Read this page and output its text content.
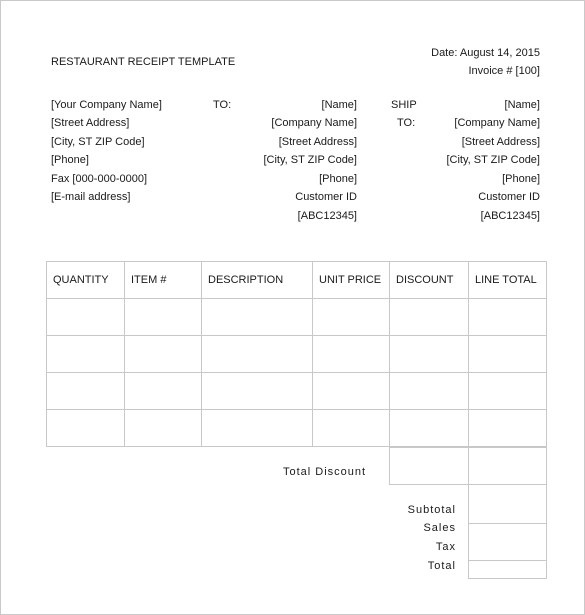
RESTAURANT RECEIPT TEMPLATE
Date: August 14, 2015
Invoice # [100]
[Your Company Name]
[Street Address]
[City, ST ZIP Code]
[Phone]
Fax [000-000-0000]
[E-mail address]
TO:	[Name]
[Company Name]
[Street Address]
[City, ST ZIP Code]
[Phone]
Customer ID
[ABC12345]
SHIP
TO:
[Name]
[Company Name]
[Street Address]
[City, ST ZIP Code]
[Phone]
Customer ID
[ABC12345]
QUANTITY	ITEM #	DESCRIPTION	UNIT PRICE	DISCOUNT	LINE TOTAL

Total Discount
Subtotal
Sales
Tax
Total
